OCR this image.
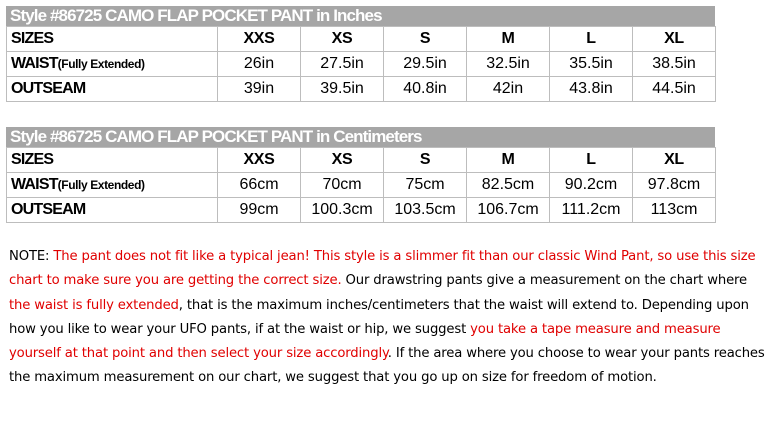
Style #86725 CAMO FLAP POCKET PANT in Inches
SIZES	XXS	XS	S	M	L	XL
WAIST(Fully Extended)	26in	27.5in	29.5in	32.5in	35.5in	38.5in
OUTSEAM	39in	39.5in	40.8in	42in	43.8in	44.5in
Style #86725 CAMO FLAP POCKET PANT in Centimeters
SIZES	XXS	XS	S	M	L	XL
WAIST(Fully Extended)	66cm	70cm	75cm	82.5cm	90.2cm	97.8cm
OUTSEAM	99cm	100.3cm	103.5cm	106.7cm	111.2cm	113cm
NOTE: The pant does not fit like a typical jean! This style is a slimmer fit than our classic Wind Pant, so use this size chart to make sure you are getting the correct size. Our drawstring pants give a measurement on the chart where the waist is fully extended, that is the maximum inches/centimeters that the waist will extend to. Depending upon how you like to wear your UFO pants, if at the waist or hip, we suggest you take a tape measure and measure yourself at that point and then select your size accordingly. If the area where you choose to wear your pants reaches the maximum measurement on our chart, we suggest that you go up on size for freedom of motion.
